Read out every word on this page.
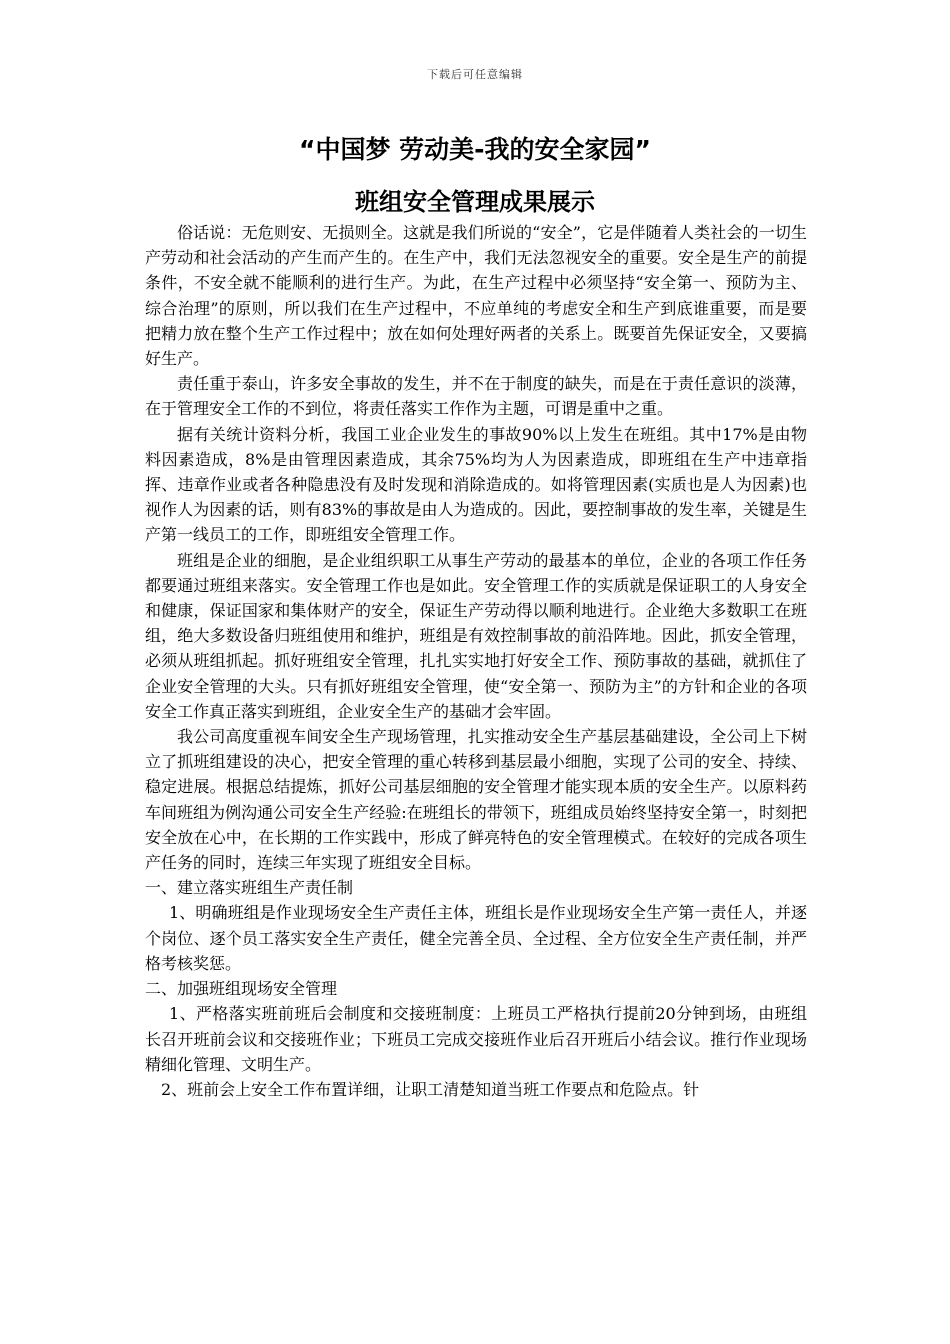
下载后可任意编辑
“中国梦 劳动美-我的安全家园”
班组安全管理成果展示

俗话说：无危则安、无损则全。这就是我们所说的“安全”，它是伴随着人类社会的一切生产劳动和社会活动的产生而产生的。在生产中，我们无法忽视安全的重要。安全是生产的前提条件，不安全就不能顺利的进行生产。为此，在生产过程中必须坚持“安全第一、预防为主、综合治理”的原则，所以我们在生产过程中，不应单纯的考虑安全和生产到底谁重要，而是要把精力放在整个生产工作过程中；放在如何处理好两者的关系上。既要首先保证安全，又要搞好生产。

责任重于泰山，许多安全事故的发生，并不在于制度的缺失，而是在于责任意识的淡薄，在于管理安全工作的不到位，将责任落实工作作为主题，可谓是重中之重。

据有关统计资料分析，我国工业企业发生的事故90%以上发生在班组。其中17%是由物料因素造成，8%是由管理因素造成，其余75%均为人为因素造成，即班组在生产中违章指挥、违章作业或者各种隐患没有及时发现和消除造成的。如将管理因素(实质也是人为因素)也视作人为因素的话，则有83%的事故是由人为造成的。因此，要控制事故的发生率，关键是生产第一线员工的工作，即班组安全管理工作。

班组是企业的细胞，是企业组织职工从事生产劳动的最基本的单位，企业的各项工作任务都要通过班组来落实。安全管理工作也是如此。安全管理工作的实质就是保证职工的人身安全和健康，保证国家和集体财产的安全，保证生产劳动得以顺利地进行。企业绝大多数职工在班组，绝大多数设备归班组使用和维护，班组是有效控制事故的前沿阵地。因此，抓安全管理，必须从班组抓起。抓好班组安全管理，扎扎实实地打好安全工作、预防事故的基础，就抓住了企业安全管理的大头。只有抓好班组安全管理，使“安全第一、预防为主”的方针和企业的各项安全工作真正落实到班组，企业安全生产的基础才会牢固。

我公司高度重视车间安全生产现场管理，扎实推动安全生产基层基础建设，全公司上下树立了抓班组建设的决心，把安全管理的重心转移到基层最小细胞，实现了公司的安全、持续、稳定进展。根据总结提炼，抓好公司基层细胞的安全管理才能实现本质的安全生产。以原料药车间班组为例沟通公司安全生产经验:在班组长的带领下，班组成员始终坚持安全第一，时刻把安全放在心中，在长期的工作实践中，形成了鲜亮特色的安全管理模式。在较好的完成各项生产任务的同时，连续三年实现了班组安全目标。

一、建立落实班组生产责任制

1、明确班组是作业现场安全生产责任主体，班组长是作业现场安全生产第一责任人，并逐个岗位、逐个员工落实安全生产责任，健全完善全员、全过程、全方位安全生产责任制，并严格考核奖惩。

二、加强班组现场安全管理

1、严格落实班前班后会制度和交接班制度：上班员工严格执行提前20分钟到场，由班组长召开班前会议和交接班作业；下班员工完成交接班作业后召开班后小结会议。推行作业现场精细化管理、文明生产。

2、班前会上安全工作布置详细，让职工清楚知道当班工作要点和危险点。针
